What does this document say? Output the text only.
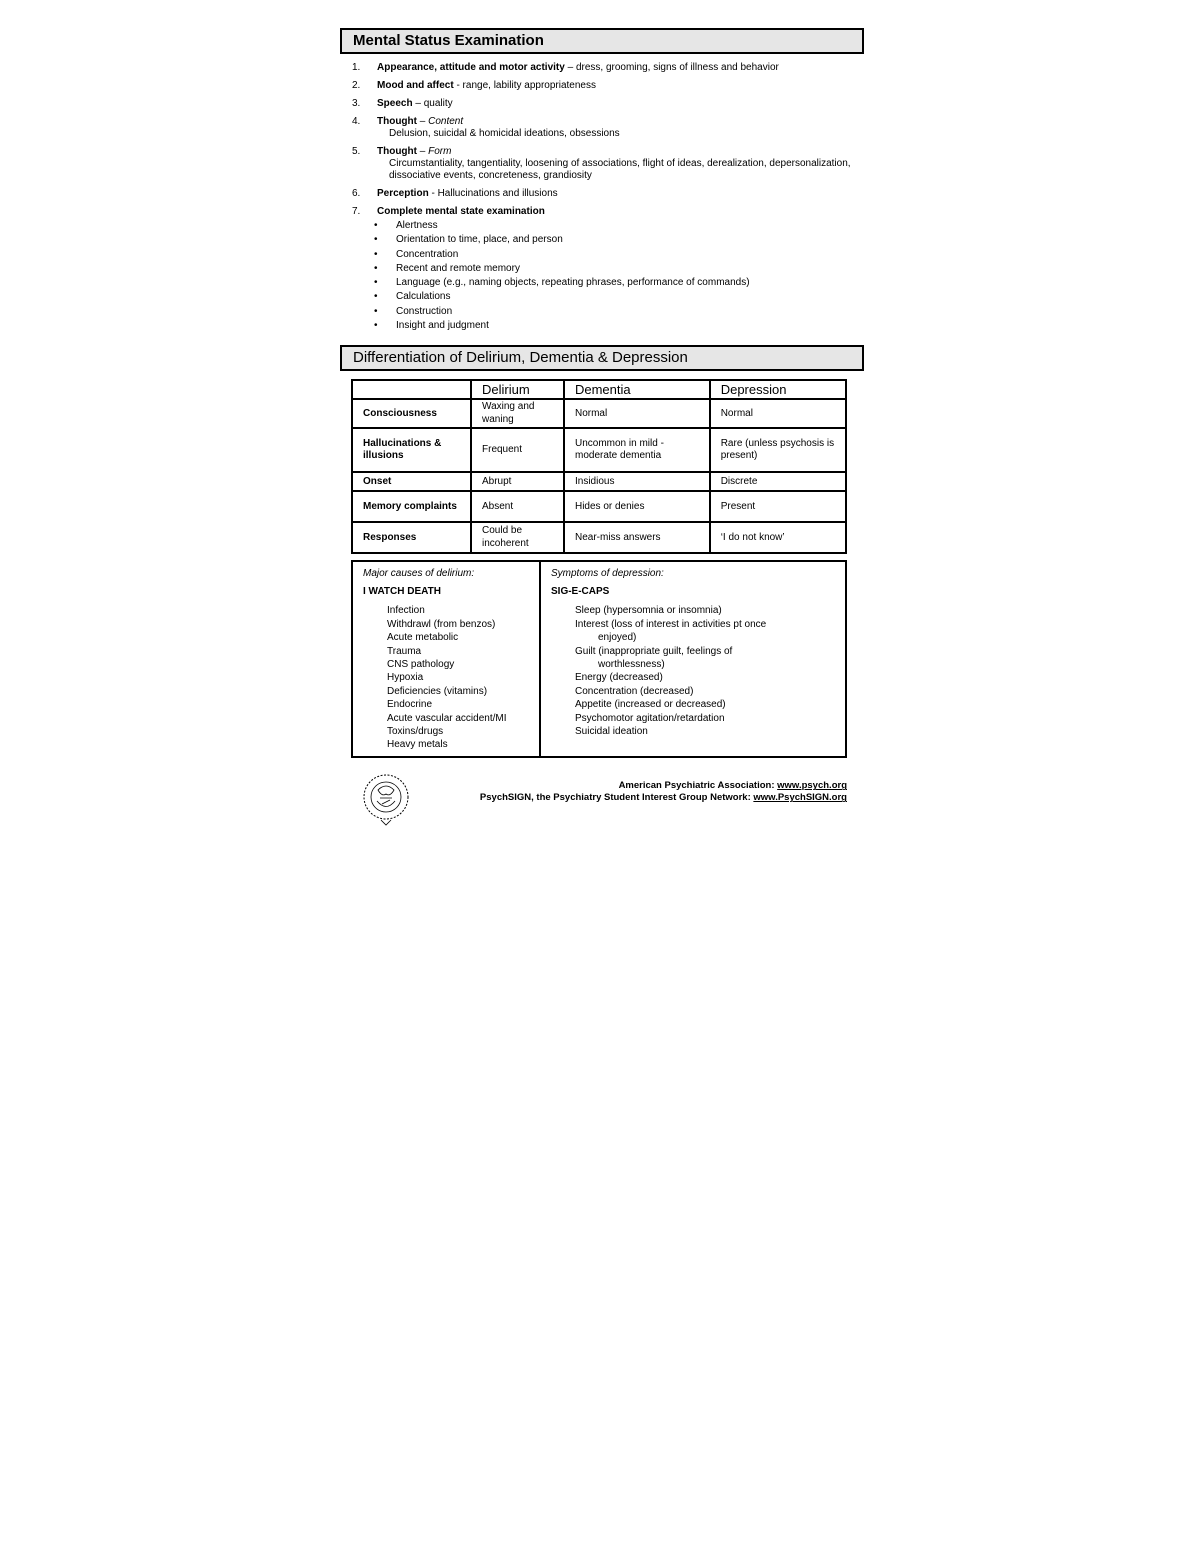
Mental Status Examination
1. Appearance, attitude and motor activity – dress, grooming, signs of illness and behavior
2. Mood and affect - range, lability appropriateness
3. Speech – quality
4. Thought – Content
Delusion, suicidal & homicidal ideations, obsessions
5. Thought – Form
Circumstantiality, tangentiality, loosening of associations, flight of ideas, derealization, depersonalization, dissociative events, concreteness, grandiosity
6. Perception - Hallucinations and illusions
7. Complete mental state examination
• Alertness
• Orientation to time, place, and person
• Concentration
• Recent and remote memory
• Language (e.g., naming objects, repeating phrases, performance of commands)
• Calculations
• Construction
• Insight and judgment
Differentiation of Delirium, Dementia & Depression
	Delirium	Dementia	Depression
Consciousness	Waxing and waning	Normal	Normal
Hallucinations & illusions	Frequent	Uncommon in mild - moderate dementia	Rare (unless psychosis is present)
Onset	Abrupt	Insidious	Discrete
Memory complaints	Absent	Hides or denies	Present
Responses	Could be incoherent	Near-miss answers	‘I do not know’
Major causes of delirium:
I WATCH DEATH
Infection
Withdrawl (from benzos)
Acute metabolic
Trauma
CNS pathology
Hypoxia
Deficiencies (vitamins)
Endocrine
Acute vascular accident/MI
Toxins/drugs
Heavy metals
Symptoms of depression:
SIG-E-CAPS
Sleep (hypersomnia or insomnia)
Interest (loss of interest in activities pt once
enjoyed)
Guilt (inappropriate guilt, feelings of
worthlessness)
Energy (decreased)
Concentration (decreased)
Appetite (increased or decreased)
Psychomotor agitation/retardation
Suicidal ideation
American Psychiatric Association: www.psych.org
PsychSIGN, the Psychiatry Student Interest Group Network: www.PsychSIGN.org
